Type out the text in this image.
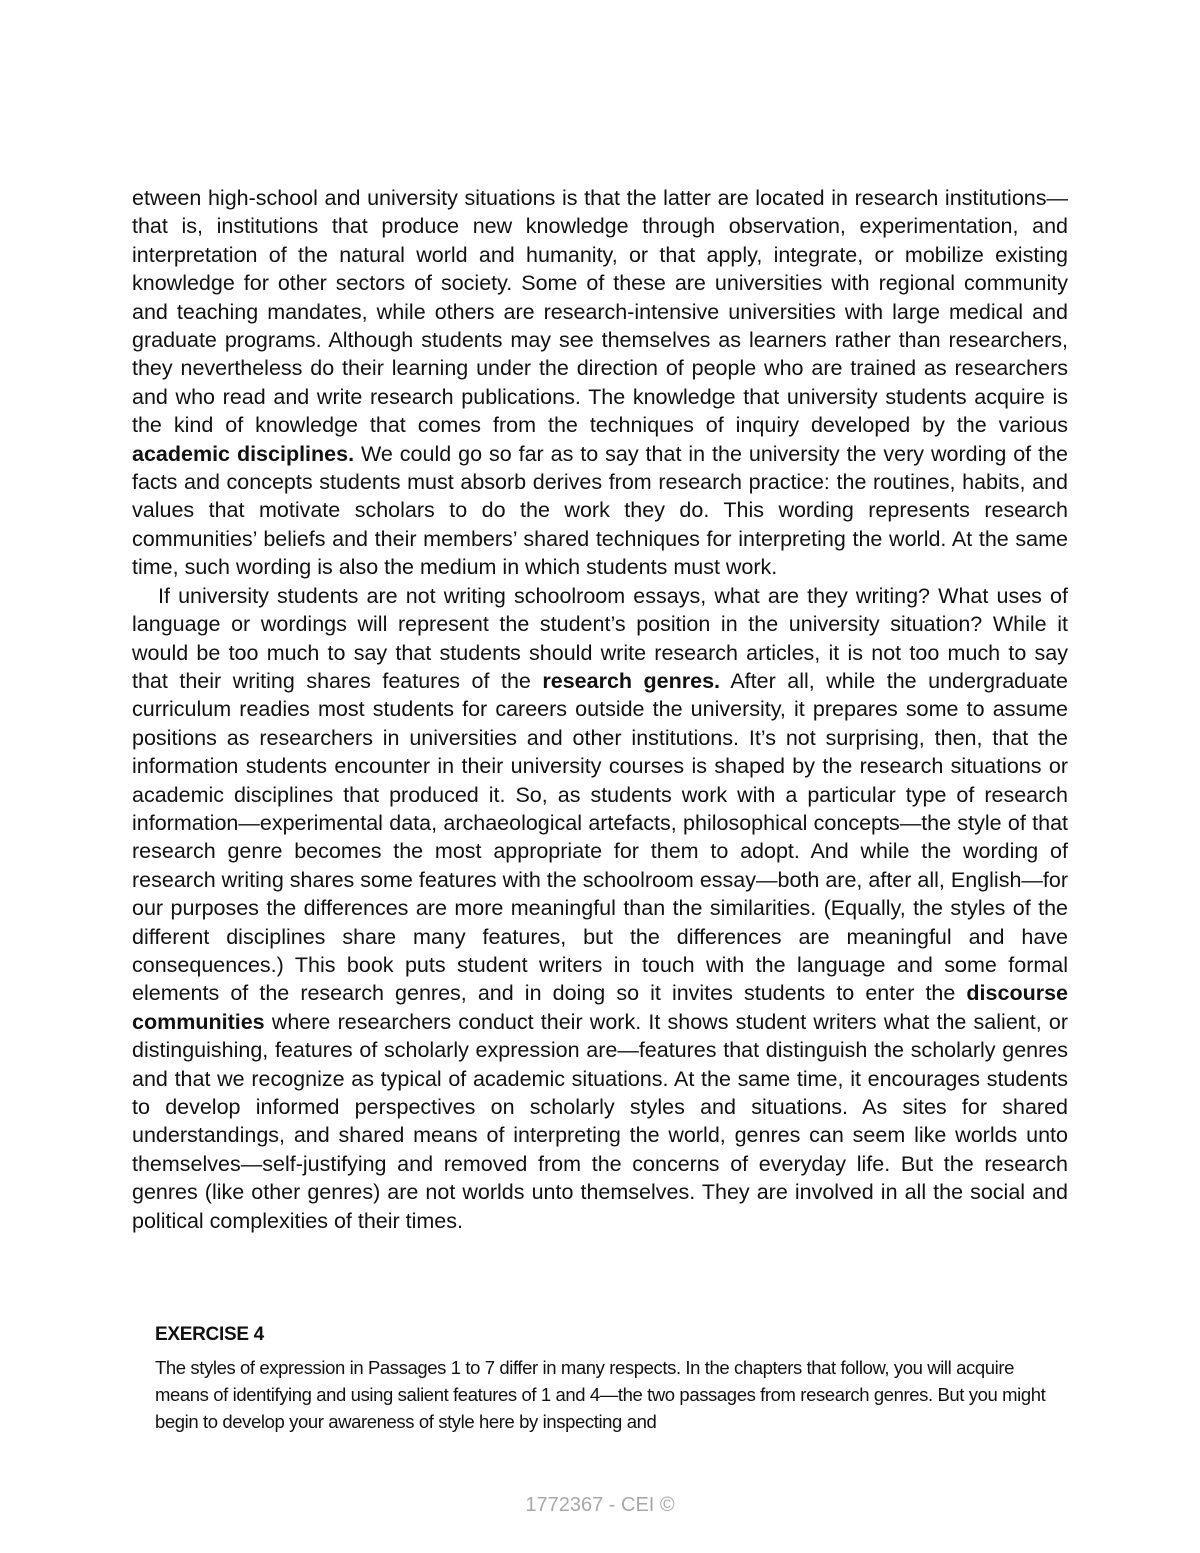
etween high-school and university situations is that the latter are located in research institutions—that is, institutions that produce new knowledge through observation, experimentation, and interpretation of the natural world and humanity, or that apply, integrate, or mobilize existing knowledge for other sectors of society. Some of these are universities with regional community and teaching mandates, while others are research-intensive universities with large medical and graduate programs. Although students may see themselves as learners rather than researchers, they nevertheless do their learning under the direction of people who are trained as researchers and who read and write research publications. The knowledge that university students acquire is the kind of knowledge that comes from the techniques of inquiry developed by the various academic disciplines. We could go so far as to say that in the university the very wording of the facts and concepts students must absorb derives from research practice: the routines, habits, and values that motivate scholars to do the work they do. This wording represents research communities’ beliefs and their members’ shared techniques for interpreting the world. At the same time, such wording is also the medium in which students must work.

If university students are not writing schoolroom essays, what are they writing? What uses of language or wordings will represent the student’s position in the university situation? While it would be too much to say that students should write research articles, it is not too much to say that their writing shares features of the research genres. After all, while the undergraduate curriculum readies most students for careers outside the university, it prepares some to assume positions as researchers in universities and other institutions. It’s not surprising, then, that the information students encounter in their university courses is shaped by the research situations or academic disciplines that produced it. So, as students work with a particular type of research information—experimental data, archaeological artefacts, philosophical concepts—the style of that research genre becomes the most appropriate for them to adopt. And while the wording of research writing shares some features with the schoolroom essay—both are, after all, English—for our purposes the differences are more meaningful than the similarities. (Equally, the styles of the different disciplines share many features, but the differences are meaningful and have consequences.) This book puts student writers in touch with the language and some formal elements of the research genres, and in doing so it invites students to enter the discourse communities where researchers conduct their work. It shows student writers what the salient, or distinguishing, features of scholarly expression are—features that distinguish the scholarly genres and that we recognize as typical of academic situations. At the same time, it encourages students to develop informed perspectives on scholarly styles and situations. As sites for shared understandings, and shared means of interpreting the world, genres can seem like worlds unto themselves—self-justifying and removed from the concerns of everyday life. But the research genres (like other genres) are not worlds unto themselves. They are involved in all the social and political complexities of their times.

EXERCISE 4

The styles of expression in Passages 1 to 7 differ in many respects. In the chapters that follow, you will acquire means of identifying and using salient features of 1 and 4—the two passages from research genres. But you might begin to develop your awareness of style here by inspecting and

1772367 - CEI ©
